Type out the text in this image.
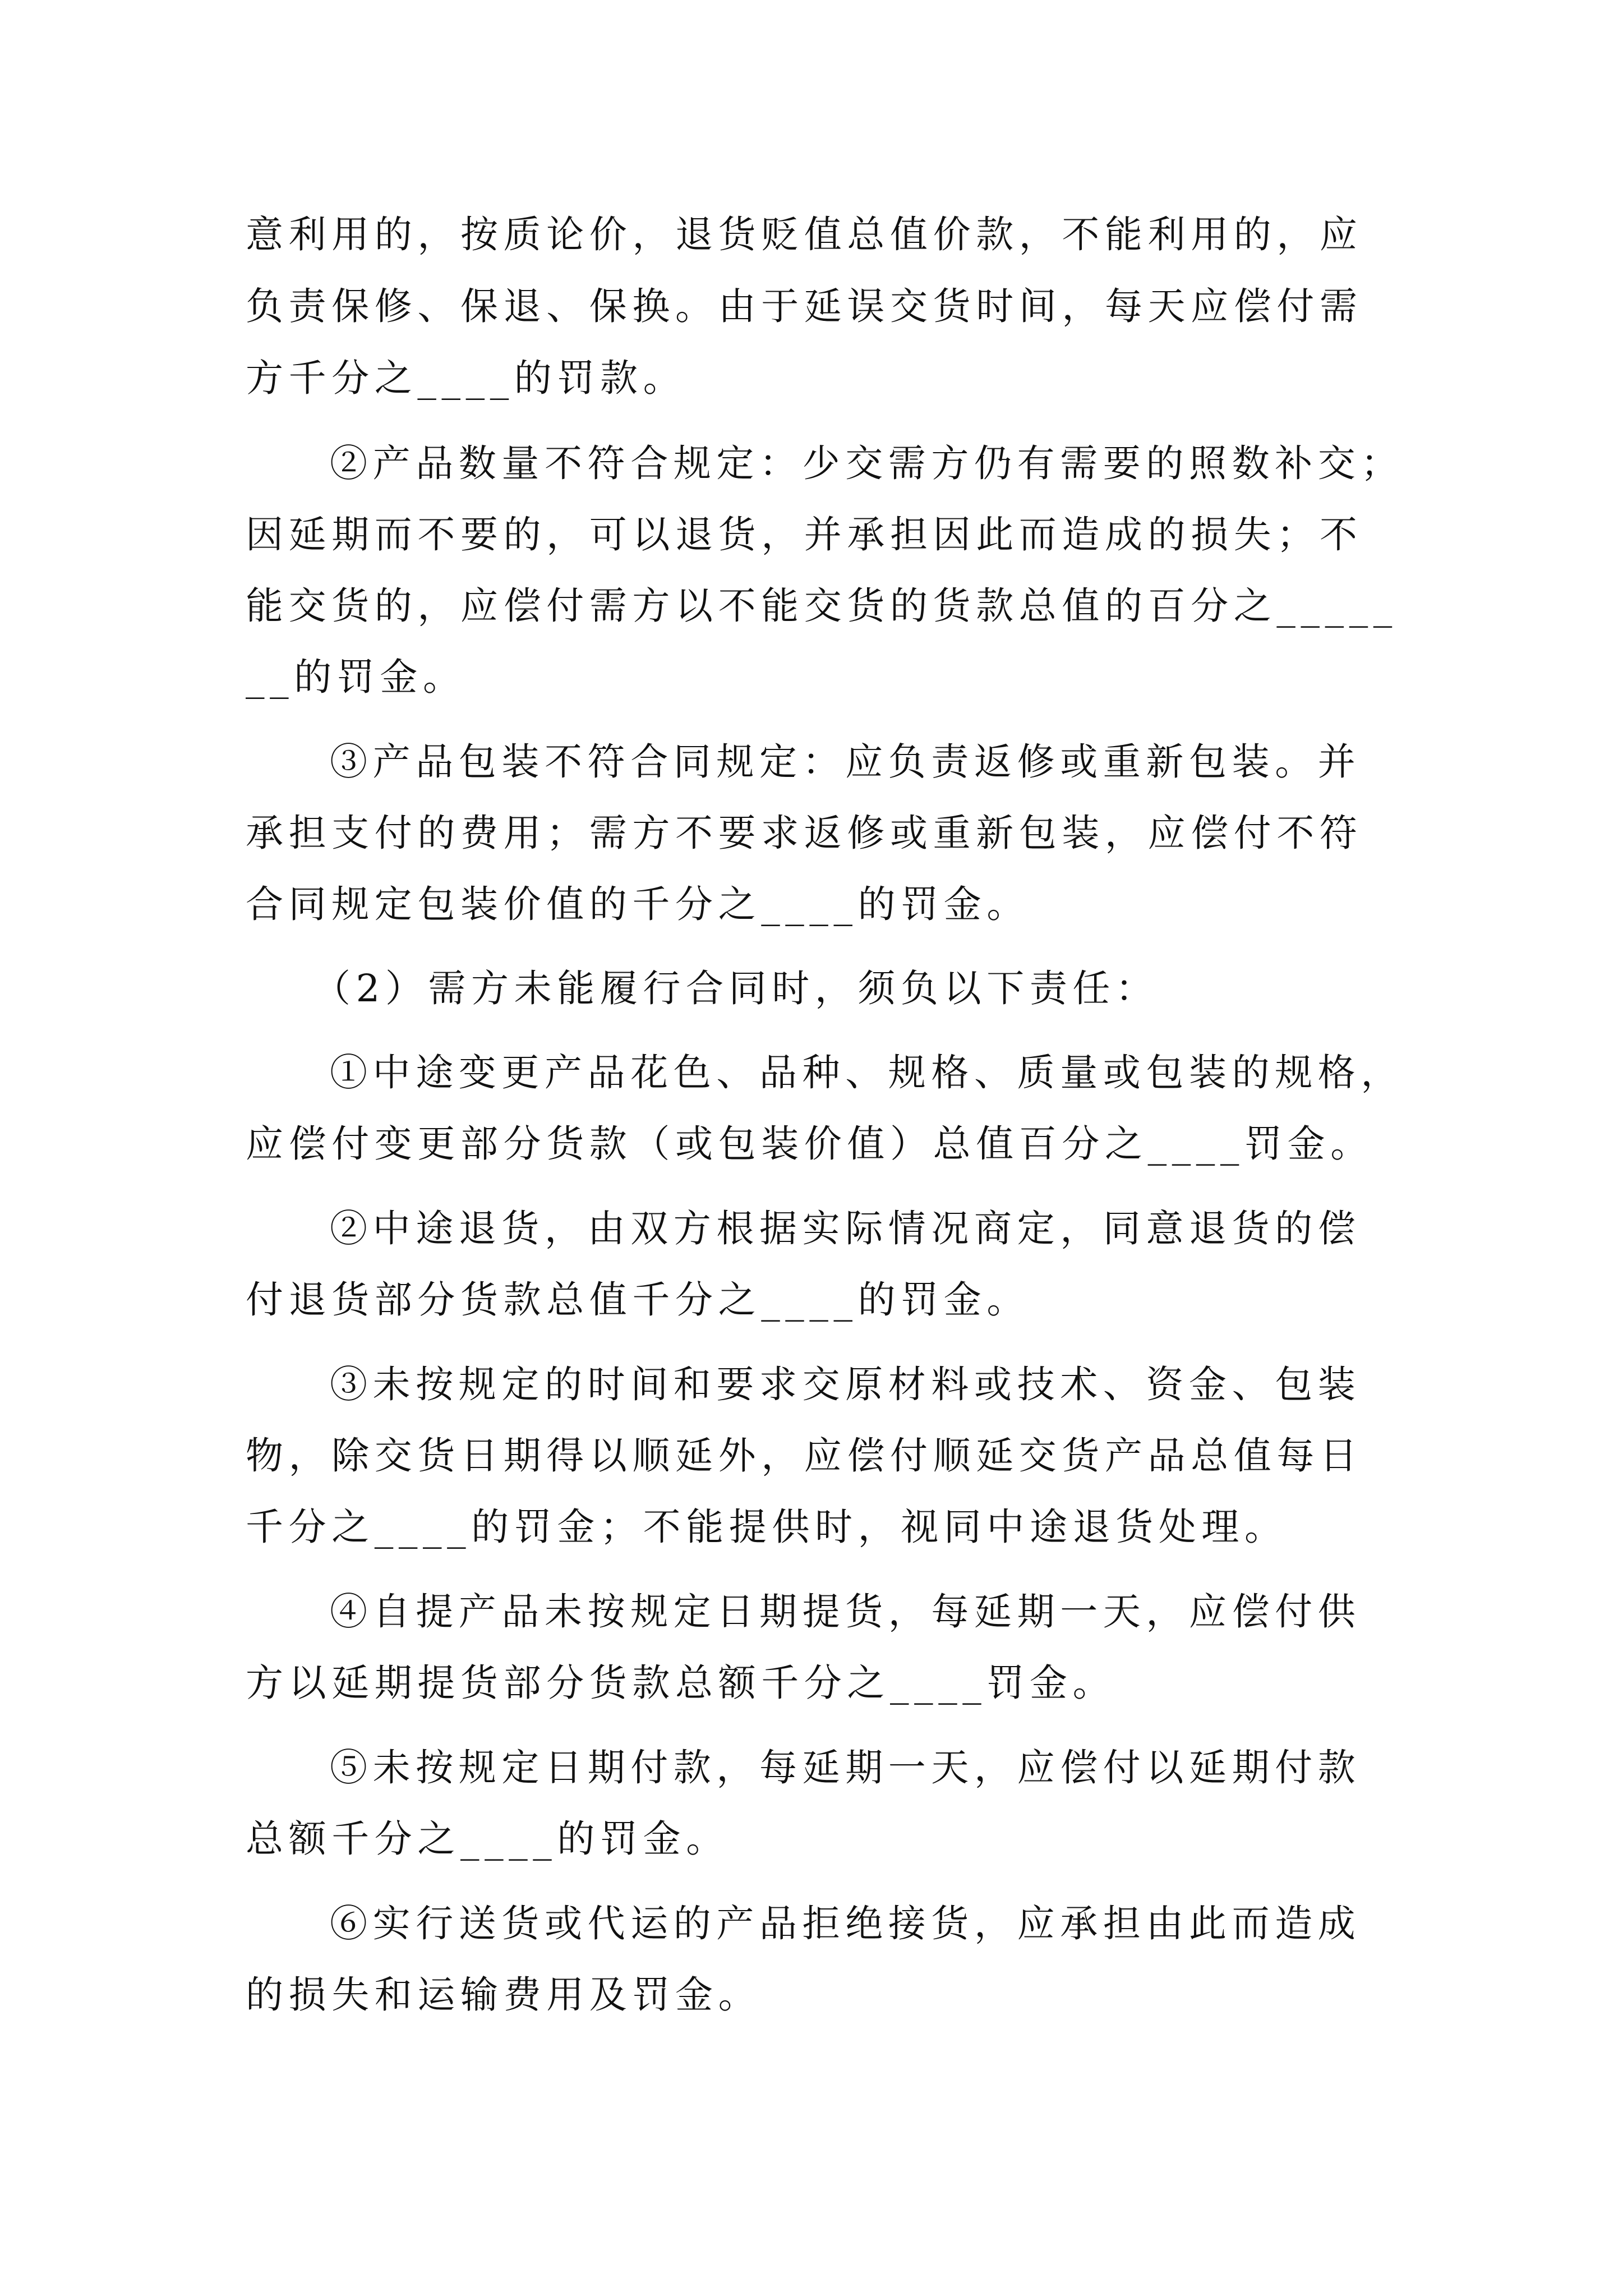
意利用的，按质论价，退货贬值总值价款，不能利用的，应
负责保修、保退、保换。由于延误交货时间，每天应偿付需
方千分之____的罚款。
②产品数量不符合规定：少交需方仍有需要的照数补交；
因延期而不要的，可以退货，并承担因此而造成的损失；不
能交货的，应偿付需方以不能交货的货款总值的百分之_____
__的罚金。
③产品包装不符合同规定：应负责返修或重新包装。并
承担支付的费用；需方不要求返修或重新包装，应偿付不符
合同规定包装价值的千分之____的罚金。
（2）需方未能履行合同时，须负以下责任：
①中途变更产品花色、品种、规格、质量或包装的规格，
应偿付变更部分货款（或包装价值）总值百分之____罚金。
②中途退货，由双方根据实际情况商定，同意退货的偿
付退货部分货款总值千分之____的罚金。
③未按规定的时间和要求交原材料或技术、资金、包装
物，除交货日期得以顺延外，应偿付顺延交货产品总值每日
千分之____的罚金；不能提供时，视同中途退货处理。
④自提产品未按规定日期提货，每延期一天，应偿付供
方以延期提货部分货款总额千分之____罚金。
⑤未按规定日期付款，每延期一天，应偿付以延期付款
总额千分之____的罚金。
⑥实行送货或代运的产品拒绝接货，应承担由此而造成
的损失和运输费用及罚金。
